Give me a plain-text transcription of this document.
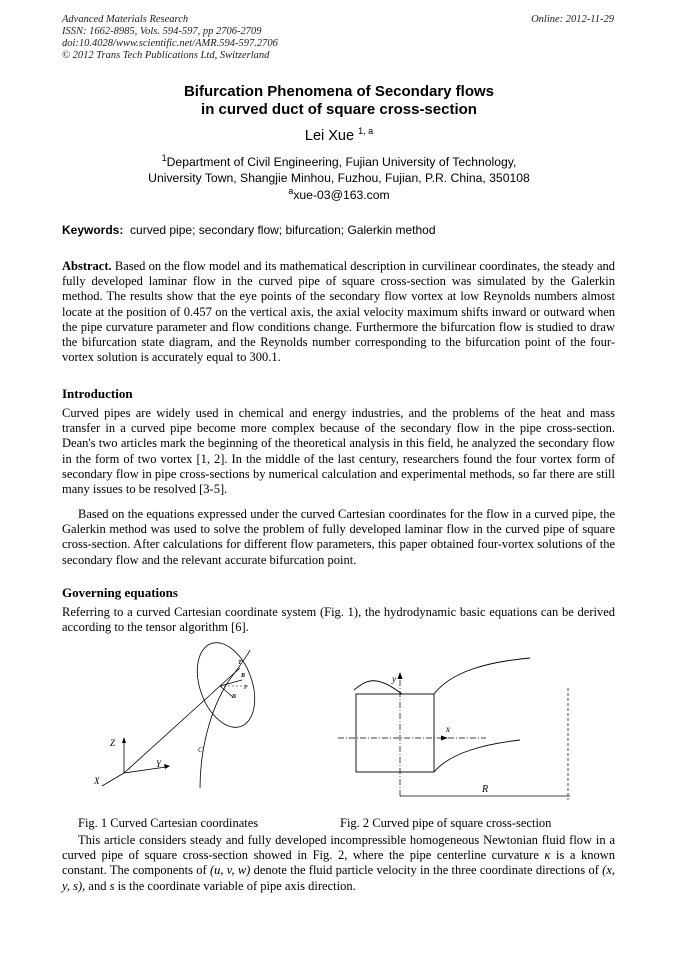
Advanced Materials Research
ISSN: 1662-8985, Vols. 594-597, pp 2706-2709
doi:10.4028/www.scientific.net/AMR.594-597.2706
© 2012 Trans Tech Publications Ltd, Switzerland
Online: 2012-11-29
Bifurcation Phenomena of Secondary flows
in curved duct of square cross-section
Lei Xue $^{1, a}$
$^1$Department of Civil Engineering, Fujian University of Technology,
University Town, Shangjie Minhou, Fuzhou, Fujian, P.R. China, 350108
$^a$xue-03@163.com
Keywords: curved pipe; secondary flow; bifurcation; Galerkin method
Abstract. Based on the flow model and its mathematical description in curvilinear coordinates, the steady and fully developed laminar flow in the curved pipe of square cross-section was simulated by the Galerkin method. The results show that the eye points of the secondary flow vortex at low Reynolds numbers almost locate at the position of 0.457 on the vertical axis, the axial velocity maximum shifts inward or outward when the pipe curvature parameter and flow conditions change. Furthermore the bifurcation flow is studied to draw the bifurcation state diagram, and the Reynolds number corresponding to the bifurcation point of the four-vortex solution is accurately equal to 300.1.
Introduction
Curved pipes are widely used in chemical and energy industries, and the problems of the heat and mass transfer in a curved pipe become more complex because of the secondary flow in the pipe cross-section. Dean's two articles mark the beginning of the theoretical analysis in this field, he analyzed the secondary flow in the form of two vortex [1, 2]. In the middle of the last century, researchers found the four vortex form of secondary flow in pipe cross-sections by numerical calculation and experimental methods, so far there are still many issues to be resolved [3-5].
Based on the equations expressed under the curved Cartesian coordinates for the flow in a curved pipe, the Galerkin method was used to solve the problem of fully developed laminar flow in the curved pipe of square cross-section. After calculations for different flow parameters, this paper obtained four-vortex solutions of the secondary flow and the relevant accurate bifurcation point.
Governing equations
Referring to a curved Cartesian coordinate system (Fig. 1), the hydrodynamic basic equations can be derived according to the tensor algorithm [6].
Z
Y
X
C
T
B
N
P
y
x
R
Fig. 1 Curved Cartesian coordinates	Fig. 2 Curved pipe of square cross-section
This article considers steady and fully developed incompressible homogeneous Newtonian fluid flow in a curved pipe of square cross-section showed in Fig. 2, where the pipe centerline curvature κ is a known constant. The components of (u, v, w) denote the fluid particle velocity in the three coordinate directions of (x, y, s), and s is the coordinate variable of pipe axis direction.
